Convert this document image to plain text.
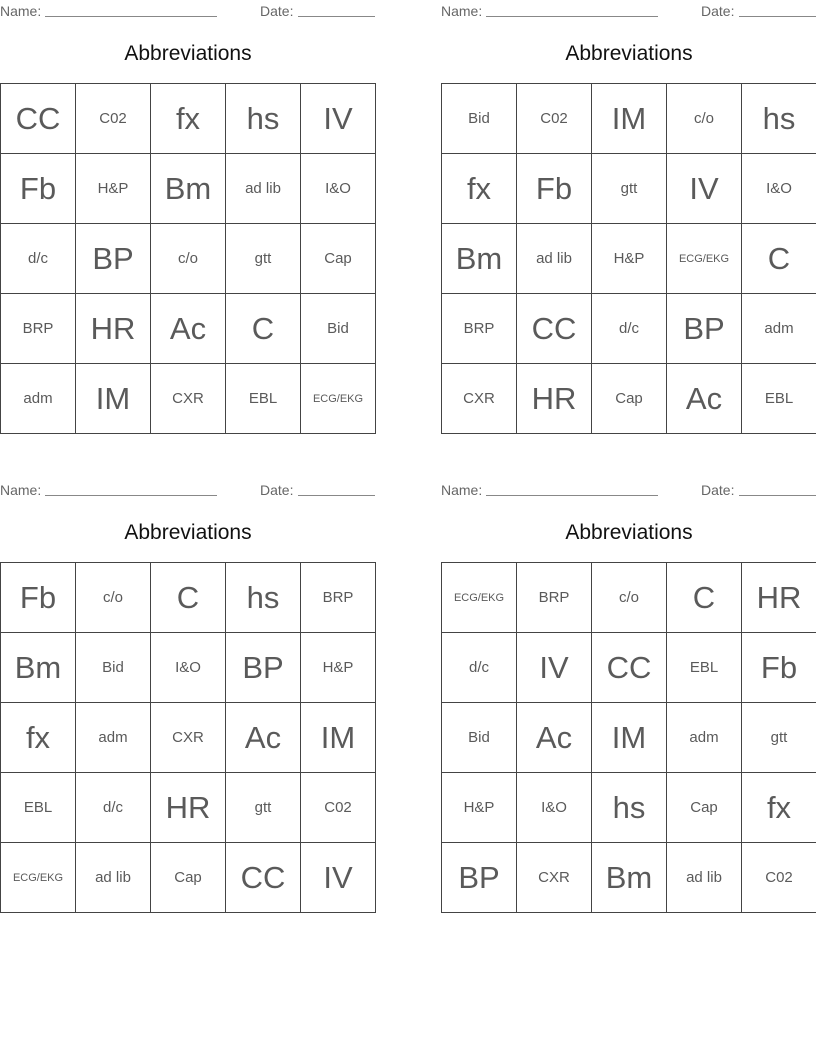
Name:	Date:
Abbreviations
CC	C02	fx	hs	IV
Fb	H&P	Bm	ad lib	I&O
d/c	BP	c/o	gtt	Cap
BRP	HR	Ac	C	Bid
adm	IM	CXR	EBL	ECG/EKG
Name:	Date:
Abbreviations
Bid	C02	IM	c/o	hs
fx	Fb	gtt	IV	I&O
Bm	ad lib	H&P	ECG/EKG	C
BRP	CC	d/c	BP	adm
CXR	HR	Cap	Ac	EBL
Name:	Date:
Abbreviations
Fb	c/o	C	hs	BRP
Bm	Bid	I&O	BP	H&P
fx	adm	CXR	Ac	IM
EBL	d/c	HR	gtt	C02
ECG/EKG	ad lib	Cap	CC	IV
Name:	Date:
Abbreviations
ECG/EKG	BRP	c/o	C	HR
d/c	IV	CC	EBL	Fb
Bid	Ac	IM	adm	gtt
H&P	I&O	hs	Cap	fx
BP	CXR	Bm	ad lib	C02
